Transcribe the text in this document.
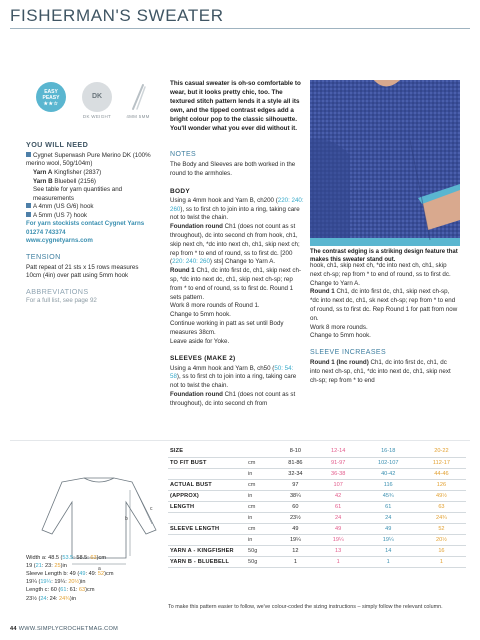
FISHERMAN'S SWEATER
EASY
PEASY
★★☆
DK
DK WEIGHT	4MM 5MM
YOU WILL NEED
Cygnet Superwash Pure Merino DK (100% merino wool, 50g/104m)
Yarn A Kingfisher (2837)
Yarn B Bluebell (2156)
See table for yarn quantities and measurements
A 4mm (US G/6) hook
A 5mm (US 7) hook
For yarn stockists contact Cygnet Yarns 01274 743374
www.cygnetyarns.com
TENSION
Patt repeat of 21 sts x 15 rows measures 10cm (4in) over patt using 5mm hook
ABBREVIATIONS
For a full list, see page 92
This casual sweater is oh-so comfortable to wear, but it looks pretty chic, too. The textured stitch pattern lends it a style all its own, and the tipped contrast edges add a bright colour pop to the classic silhouette. You'll wonder what you ever did without it.
NOTES
The Body and Sleeves are both worked in the round to the armholes.
BODY
Using a 4mm hook and Yarn B, ch200 (220: 240: 260), ss to first ch to join into a ring, taking care not to twist the chain.
Foundation round Ch1 (does not count as st throughout), dc into second ch from hook, ch1, skip next ch, *dc into next ch, ch1, skip next ch; rep from * to end of round, ss to first dc. [200 (220: 240: 260) sts] Change to Yarn A.
Round 1 Ch1, dc into first dc, ch1, skip next ch-sp, *dc into next dc, ch1, skip next ch-sp; rep from * to end of round, ss to first dc. Round 1 sets pattern.
Work 8 more rounds of Round 1.
Change to 5mm hook.
Continue working in patt as set until Body measures 38cm.
Leave aside for Yoke.
SLEEVES (MAKE 2)
Using a 4mm hook and Yarn B, ch50 (50: 54: 58), ss to first ch to join into a ring, taking care not to twist the chain.
Foundation round Ch1 (does not count as st throughout), dc into second ch from
The contrast edging is a striking design feature that makes this sweater stand out.
hook, ch1, skip next ch, *dc into next ch, ch1, skip next ch-sp; rep from * to end of round, ss to first dc.
Change to Yarn A.
Round 1 Ch1, dc into first dc, ch1, skip next ch-sp, *dc into next dc, ch1, sk next ch-sp; rep from * to end of round, ss to first dc. Rep Round 1 for patt from now on.
Work 8 more rounds.
Change to 5mm hook.
SLEEVE INCREASES
Round 1 (Inc round) Ch1, dc into first dc, ch1, dc into next ch-sp, ch1, *dc into next dc, ch1, skip next ch-sp; rep from * to end
a
b
c
Width a: 48.5 (53.5: 58.5: 63)cm
19 (21: 23: 25)in
Sleeve Length b: 49 (49: 49: 52)cm
19¼ (19¼: 19¼: 20½)in
Length c: 60 (61: 61: 63)cm
23½ (24: 24: 24¾)in
SIZE		8-10	12-14	16-18	20-22
TO FIT BUST	cm	81-86	91-97	102-107	112-17
	in	32-34	36-38	40-42	44-46
ACTUAL BUST	cm	97	107	116	126
(APPROX)	in	38¼	42	45¾	49½
LENGTH	cm	60	61	61	63
	in	23½	24	24	24¾
SLEEVE LENGTH	cm	49	49	49	52
	in	19¼	19¼	19¼	20½
YARN A - KINGFISHER	50g	12	13	14	16
YARN B - BLUEBELL	50g	1	1	1	1
To make this pattern easier to follow, we've colour-coded the sizing instructions – simply follow the relevant column.
44 WWW.SIMPLYCROCHETMAG.COM
